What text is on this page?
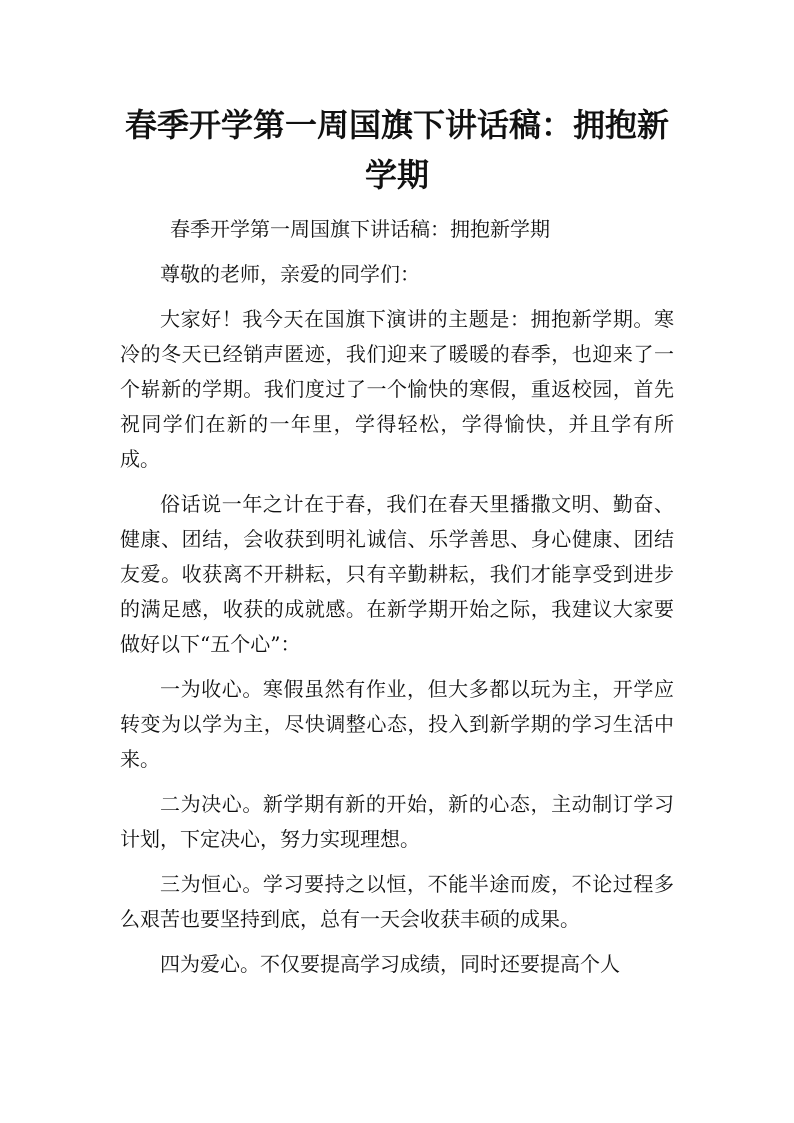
春季开学第一周国旗下讲话稿：拥抱新学期

春季开学第一周国旗下讲话稿：拥抱新学期

尊敬的老师，亲爱的同学们：

大家好！我今天在国旗下演讲的主题是：拥抱新学期。寒冷的冬天已经销声匿迹，我们迎来了暖暖的春季，也迎来了一个崭新的学期。我们度过了一个愉快的寒假，重返校园，首先祝同学们在新的一年里，学得轻松，学得愉快，并且学有所成。

俗话说一年之计在于春，我们在春天里播撒文明、勤奋、健康、团结，会收获到明礼诚信、乐学善思、身心健康、团结友爱。收获离不开耕耘，只有辛勤耕耘，我们才能享受到进步的满足感，收获的成就感。在新学期开始之际，我建议大家要做好以下“五个心”：

一为收心。寒假虽然有作业，但大多都以玩为主，开学应转变为以学为主，尽快调整心态，投入到新学期的学习生活中来。

二为决心。新学期有新的开始，新的心态，主动制订学习计划，下定决心，努力实现理想。

三为恒心。学习要持之以恒，不能半途而废，不论过程多么艰苦也要坚持到底，总有一天会收获丰硕的成果。

四为爱心。不仅要提高学习成绩，同时还要提高个人
